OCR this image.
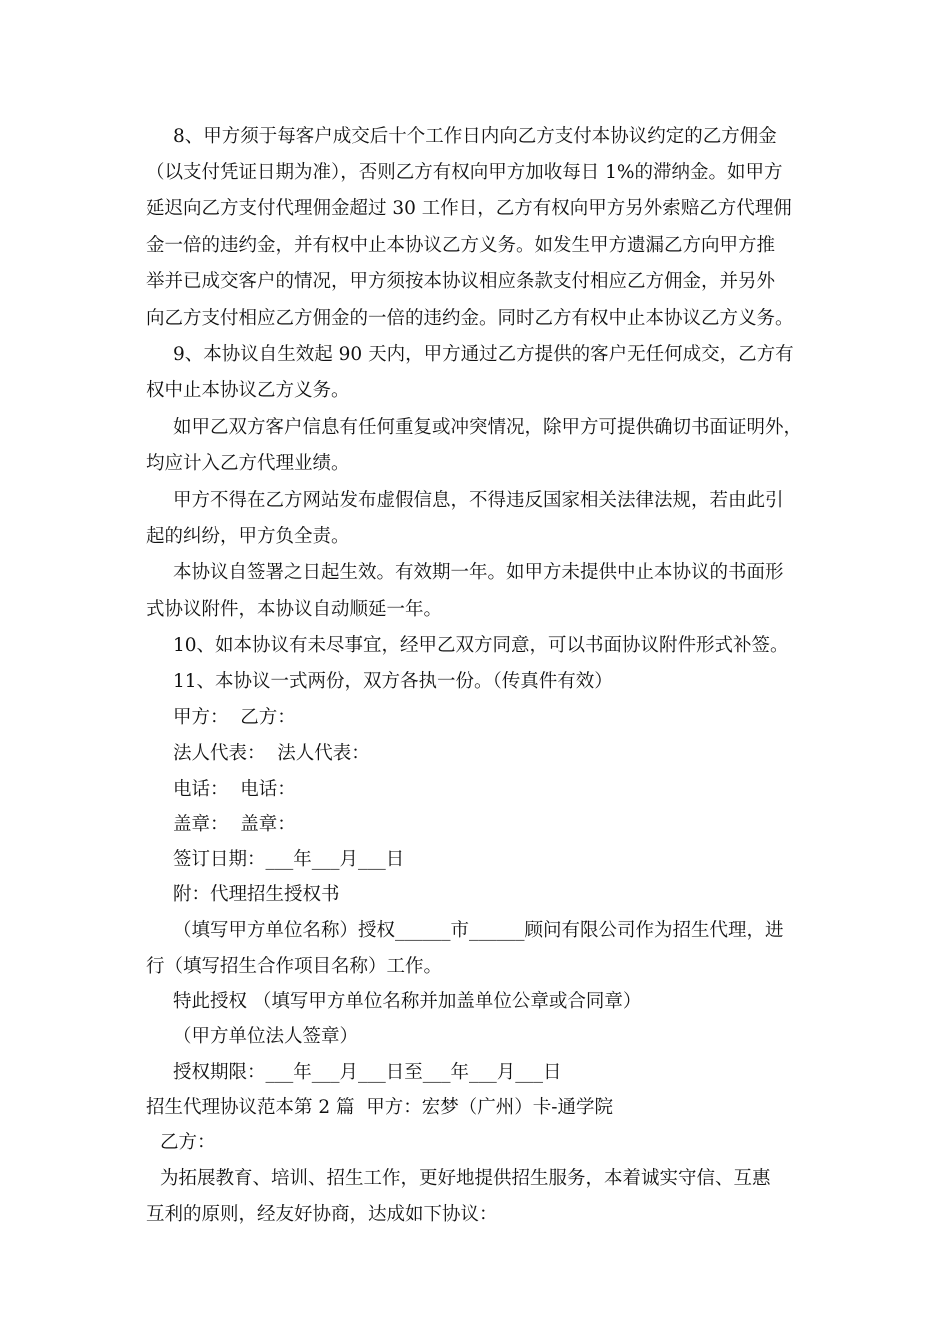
8、甲方须于每客户成交后十个工作日内向乙方支付本协议约定的乙方佣金
（以支付凭证日期为准），否则乙方有权向甲方加收每日 1%的滞纳金。如甲方
延迟向乙方支付代理佣金超过 30 工作日，乙方有权向甲方另外索赔乙方代理佣
金一倍的违约金，并有权中止本协议乙方义务。如发生甲方遗漏乙方向甲方推
举并已成交客户的情况，甲方须按本协议相应条款支付相应乙方佣金，并另外
向乙方支付相应乙方佣金的一倍的违约金。同时乙方有权中止本协议乙方义务。
9、本协议自生效起 90 天内，甲方通过乙方提供的客户无任何成交，乙方有
权中止本协议乙方义务。
如甲乙双方客户信息有任何重复或冲突情况，除甲方可提供确切书面证明外，
均应计入乙方代理业绩。
甲方不得在乙方网站发布虚假信息，不得违反国家相关法律法规，若由此引
起的纠纷，甲方负全责。
本协议自签署之日起生效。有效期一年。如甲方未提供中止本协议的书面形
式协议附件，本协议自动顺延一年。
10、如本协议有未尽事宜，经甲乙双方同意，可以书面协议附件形式补签。
11、本协议一式两份，双方各执一份。（传真件有效）
甲方：  乙方：
法人代表：  法人代表：
电话：  电话：
盖章：  盖章：
签订日期：___年___月___日
附：代理招生授权书
（填写甲方单位名称）授权______市______顾问有限公司作为招生代理，进
行（填写招生合作项目名称）工作。
特此授权 （填写甲方单位名称并加盖单位公章或合同章）
（甲方单位法人签章）
授权期限：___年___月___日至___年___月___日
招生代理协议范本第 2 篇  甲方：宏梦（广州）卡-通学院
乙方：
为拓展教育、培训、招生工作，更好地提供招生服务，本着诚实守信、互惠
互利的原则，经友好协商，达成如下协议：
